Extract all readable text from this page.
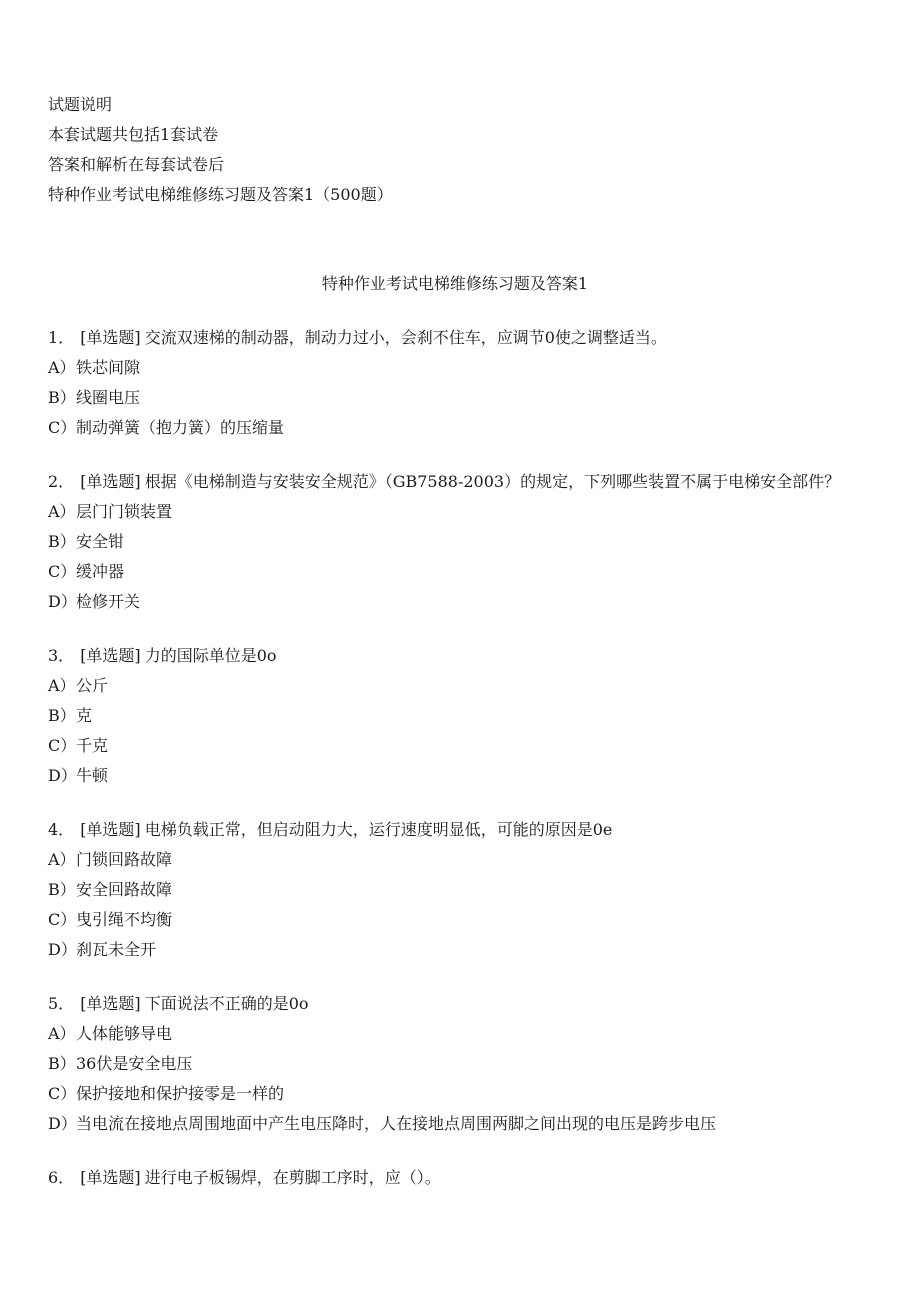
试题说明
本套试题共包括1套试卷
答案和解析在每套试卷后
特种作业考试电梯维修练习题及答案1（500题）
特种作业考试电梯维修练习题及答案1
1． [单选题] 交流双速梯的制动器，制动力过小，会刹不住车，应调节0使之调整适当。
A）铁芯间隙
B）线圈电压
C）制动弹簧（抱力簧）的压缩量
2． [单选题] 根据《电梯制造与安装安全规范》（GB7588-2003）的规定，下列哪些装置不属于电梯安全部件？
A）层门门锁装置
B）安全钳
C）缓冲器
D）检修开关
3． [单选题] 力的国际单位是0o
A）公斤
B）克
C）千克
D）牛顿
4． [单选题] 电梯负载正常，但启动阻力大，运行速度明显低，可能的原因是0e
A）门锁回路故障
B）安全回路故障
C）曳引绳不均衡
D）刹瓦未全开
5． [单选题] 下面说法不正确的是0o
A）人体能够导电
B）36伏是安全电压
C）保护接地和保护接零是一样的
D）当电流在接地点周围地面中产生电压降时，人在接地点周围两脚之间出现的电压是跨步电压
6． [单选题] 进行电子板锡焊，在剪脚工序时，应（）。
